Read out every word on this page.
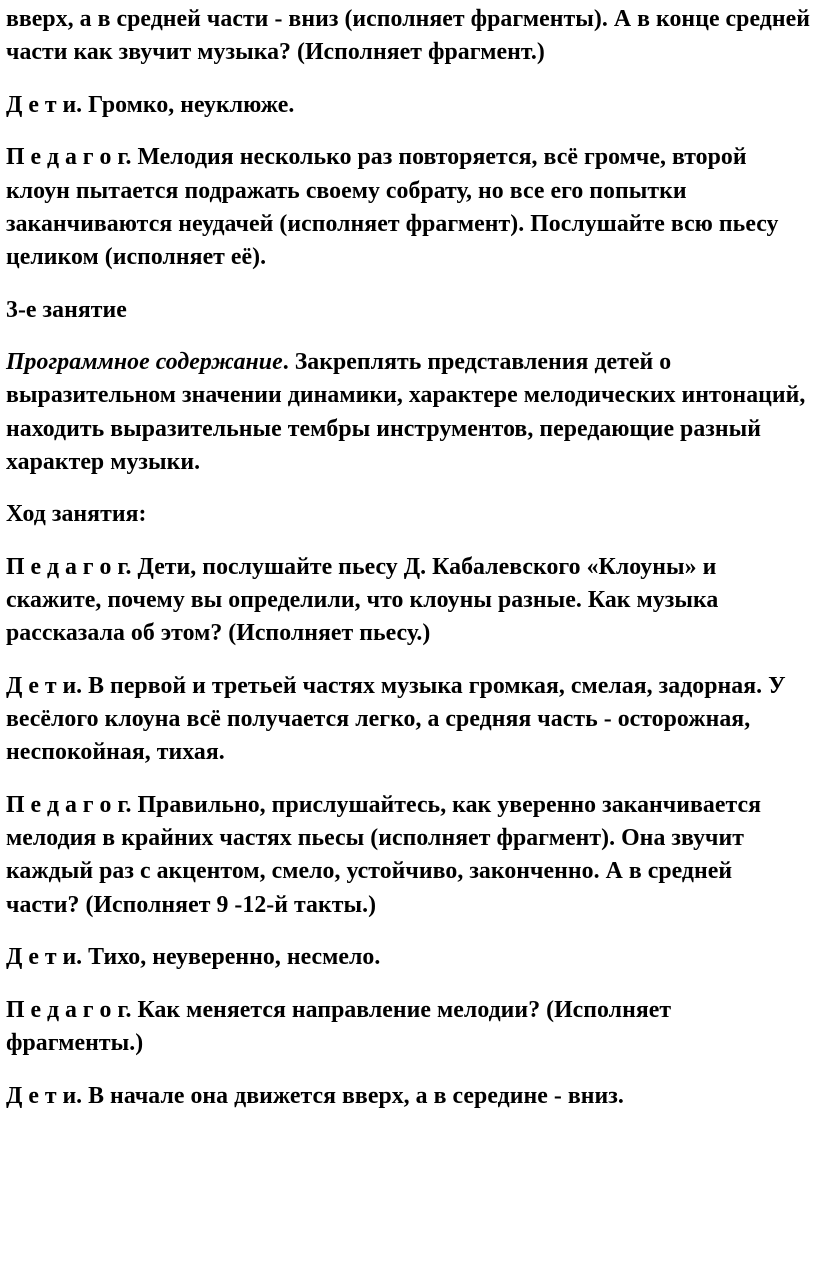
вверх, а в средней части - вниз (исполняет фрагменты). А в конце средней части как звучит музыка? (Исполняет фрагмент.)

Д е т и. Громко, неуклюже.

П е д а г о г. Мелодия несколько раз повторяется, всё громче, второй клоун пытается подражать своему собрату, но все его попытки заканчиваются неудачей (исполняет фрагмент). Послушайте всю пьесу целиком (исполняет её).

3-е занятие

Программное содержание. Закреплять представления детей о выразительном значении динамики, характере мелодических интонаций, находить выразительные тембры инструментов, передающие разный характер музыки.

Ход занятия:

П е д а г о г. Дети, послушайте пьесу Д. Кабалевского «Клоуны» и скажите, почему вы определили, что клоуны разные. Как музыка рассказала об этом? (Исполняет пьесу.)

Д е т и. В первой и третьей частях музыка громкая, смелая, задорная. У весёлого клоуна всё получается легко, а средняя часть - осторожная, неспокойная, тихая.

П е д а г о г. Правильно, прислушайтесь, как уверенно заканчивается мелодия в крайних частях пьесы (исполняет фрагмент). Она звучит каждый раз с акцентом, смело, устойчиво, законченно. А в средней части? (Исполняет 9 -12-й такты.)

Д е т и. Тихо, неуверенно, несмело.

П е д а г о г. Как меняется направление мелодии? (Исполняет фрагменты.)

Д е т и. В начале она движется вверх, а в середине - вниз.
